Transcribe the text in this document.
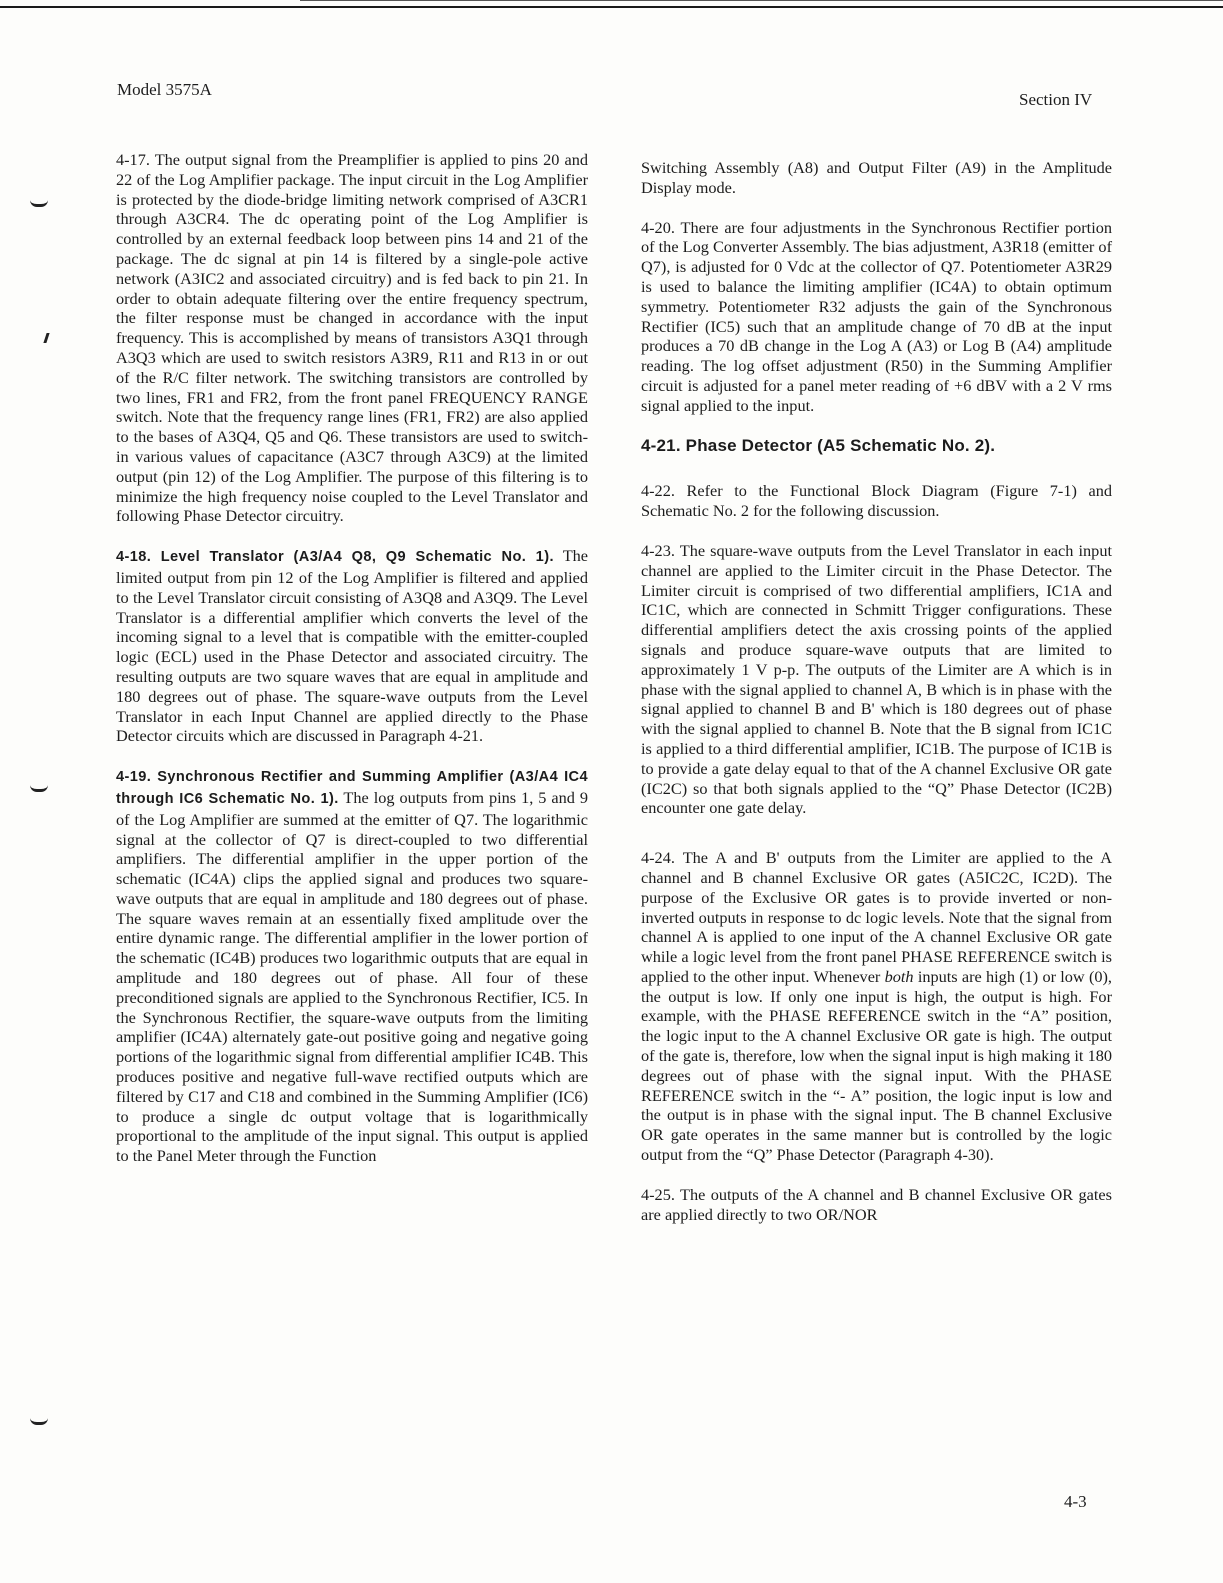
Model 3575A
Section IV

4-17. The output signal from the Preamplifier is applied to pins 20 and 22 of the Log Amplifier package. The input circuit in the Log Amplifier is protected by the diode-bridge limiting network comprised of A3CR1 through A3CR4. The dc operating point of the Log Amplifier is controlled by an external feedback loop between pins 14 and 21 of the package. The dc signal at pin 14 is filtered by a single-pole active network (A3IC2 and associated circuitry) and is fed back to pin 21. In order to obtain adequate filtering over the entire frequency spectrum, the filter response must be changed in accordance with the input frequency. This is accomplished by means of transistors A3Q1 through A3Q3 which are used to switch resistors A3R9, R11 and R13 in or out of the R/C filter network. The switching transistors are controlled by two lines, FR1 and FR2, from the front panel FREQUENCY RANGE switch. Note that the frequency range lines (FR1, FR2) are also applied to the bases of A3Q4, Q5 and Q6. These transistors are used to switch-in various values of capacitance (A3C7 through A3C9) at the limited output (pin 12) of the Log Amplifier. The purpose of this filtering is to minimize the high frequency noise coupled to the Level Translator and following Phase Detector circuitry.

4-18. Level Translator (A3/A4 Q8, Q9 Schematic No. 1). The limited output from pin 12 of the Log Amplifier is filtered and applied to the Level Translator circuit consisting of A3Q8 and A3Q9. The Level Translator is a differential amplifier which converts the level of the incoming signal to a level that is compatible with the emitter-coupled logic (ECL) used in the Phase Detector and associated circuitry. The resulting outputs are two square waves that are equal in amplitude and 180 degrees out of phase. The square-wave outputs from the Level Translator in each Input Channel are applied directly to the Phase Detector circuits which are discussed in Paragraph 4-21.

4-19. Synchronous Rectifier and Summing Amplifier (A3/A4 IC4 through IC6 Schematic No. 1). The log outputs from pins 1, 5 and 9 of the Log Amplifier are summed at the emitter of Q7. The logarithmic signal at the collector of Q7 is direct-coupled to two differential amplifiers. The differential amplifier in the upper portion of the schematic (IC4A) clips the applied signal and produces two square-wave outputs that are equal in amplitude and 180 degrees out of phase. The square waves remain at an essentially fixed amplitude over the entire dynamic range. The differential amplifier in the lower portion of the schematic (IC4B) produces two logarithmic outputs that are equal in amplitude and 180 degrees out of phase. All four of these preconditioned signals are applied to the Synchronous Rectifier, IC5. In the Synchronous Rectifier, the square-wave outputs from the limiting amplifier (IC4A) alternately gate-out positive going and negative going portions of the logarithmic signal from differential amplifier IC4B. This produces positive and negative full-wave rectified outputs which are filtered by C17 and C18 and combined in the Summing Amplifier (IC6) to produce a single dc output voltage that is logarithmically proportional to the amplitude of the input signal. This output is applied to the Panel Meter through the Function

Switching Assembly (A8) and Output Filter (A9) in the Amplitude Display mode.

4-20. There are four adjustments in the Synchronous Rectifier portion of the Log Converter Assembly. The bias adjustment, A3R18 (emitter of Q7), is adjusted for 0 Vdc at the collector of Q7. Potentiometer A3R29 is used to balance the limiting amplifier (IC4A) to obtain optimum symmetry. Potentiometer R32 adjusts the gain of the Synchronous Rectifier (IC5) such that an amplitude change of 70 dB at the input produces a 70 dB change in the Log A (A3) or Log B (A4) amplitude reading. The log offset adjustment (R50) in the Summing Amplifier circuit is adjusted for a panel meter reading of +6 dBV with a 2 V rms signal applied to the input.

4-21. Phase Detector (A5 Schematic No. 2).

4-22. Refer to the Functional Block Diagram (Figure 7-1) and Schematic No. 2 for the following discussion.

4-23. The square-wave outputs from the Level Translator in each input channel are applied to the Limiter circuit in the Phase Detector. The Limiter circuit is comprised of two differential amplifiers, IC1A and IC1C, which are connected in Schmitt Trigger configurations. These differential amplifiers detect the axis crossing points of the applied signals and produce square-wave outputs that are limited to approximately 1 V p-p. The outputs of the Limiter are A which is in phase with the signal applied to channel A, B which is in phase with the signal applied to channel B and B' which is 180 degrees out of phase with the signal applied to channel B. Note that the B signal from IC1C is applied to a third differential amplifier, IC1B. The purpose of IC1B is to provide a gate delay equal to that of the A channel Exclusive OR gate (IC2C) so that both signals applied to the “Q” Phase Detector (IC2B) encounter one gate delay.

4-24. The A and B' outputs from the Limiter are applied to the A channel and B channel Exclusive OR gates (A5IC2C, IC2D). The purpose of the Exclusive OR gates is to provide inverted or non-inverted outputs in response to dc logic levels. Note that the signal from channel A is applied to one input of the A channel Exclusive OR gate while a logic level from the front panel PHASE REFERENCE switch is applied to the other input. Whenever both inputs are high (1) or low (0), the output is low. If only one input is high, the output is high. For example, with the PHASE REFERENCE switch in the “A” position, the logic input to the A channel Exclusive OR gate is high. The output of the gate is, therefore, low when the signal input is high making it 180 degrees out of phase with the signal input. With the PHASE REFERENCE switch in the “- A” position, the logic input is low and the output is in phase with the signal input. The B channel Exclusive OR gate operates in the same manner but is controlled by the logic output from the “Q” Phase Detector (Paragraph 4-30).

4-25. The outputs of the A channel and B channel Exclusive OR gates are applied directly to two OR/NOR

4-3
